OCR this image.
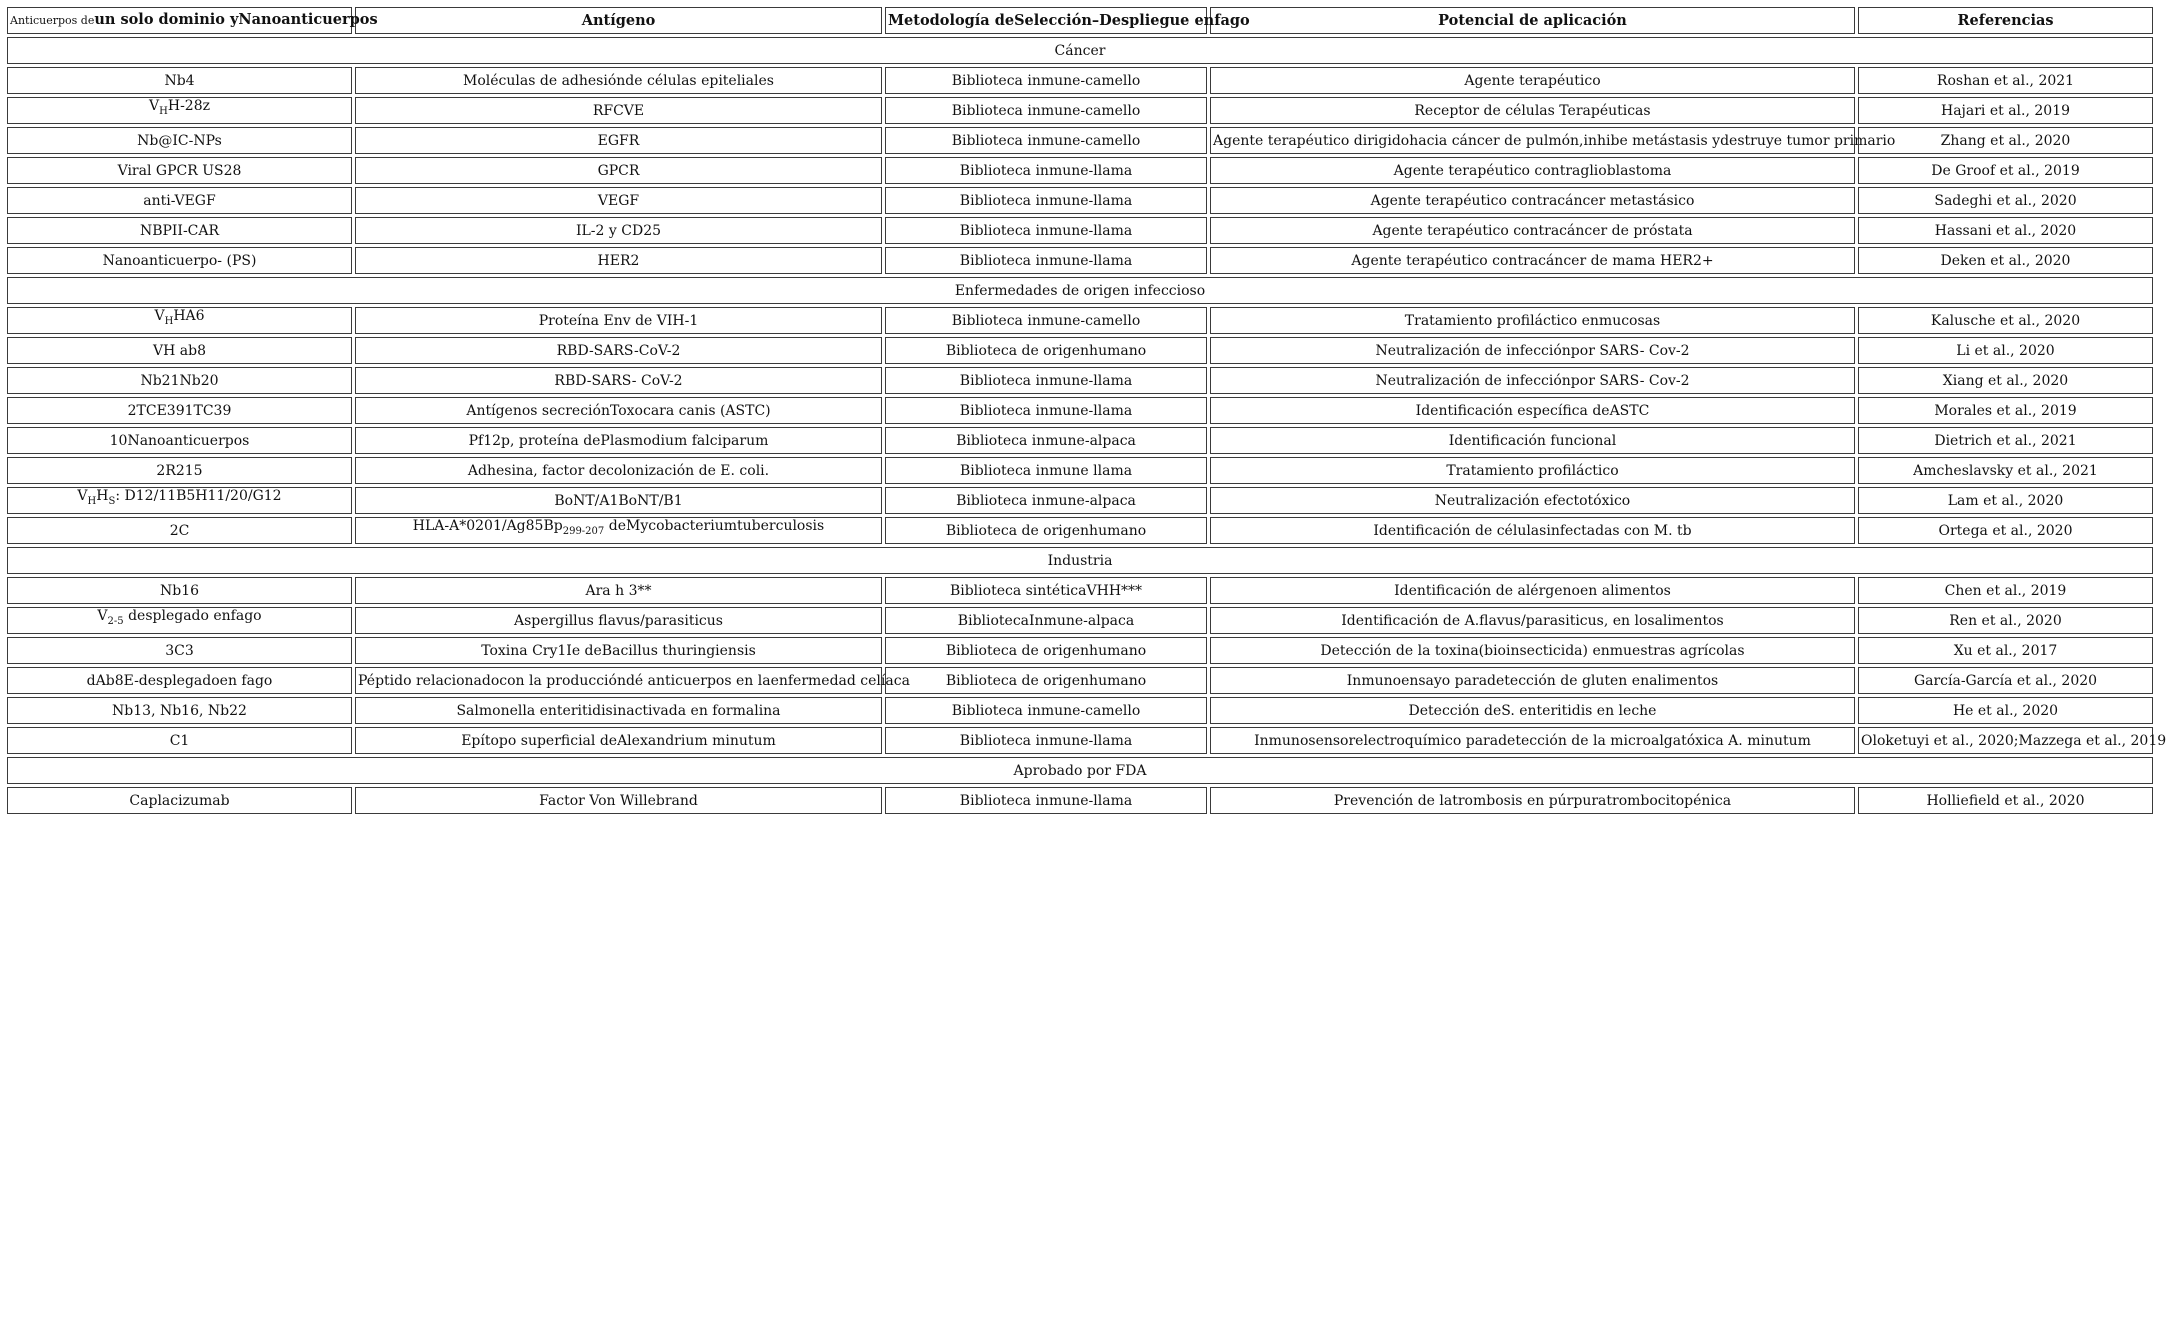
Anticuerpos deun solo dominio yNanoanticuerpos	Antígeno	Metodología deSelección–Despliegue enfago	Potencial de aplicación	Referencias
Cáncer				
Nb4	Moléculas de adhesiónde células epiteliales	Biblioteca inmune-camello	Agente terapéutico	Roshan et al., 2021
$V_HH-28z$	RFCVE	Biblioteca inmune-camello	Receptor de células Terapéuticas	Hajari et al., 2019
Nb@IC-NPs	EGFR	Biblioteca inmune-camello	Agente terapéutico dirigidohacia cáncer de pulmón,inhibe metástasis ydestruye tumor primario	Zhang et al., 2020
Viral GPCR US28	GPCR	Biblioteca inmune-llama	Agente terapéutico contraglioblastoma	De Groof et al., 2019
anti-VEGF	VEGF	Biblioteca inmune-llama	Agente terapéutico contracáncer metastásico	Sadeghi et al., 2020
NBPII-CAR	IL-2 y CD25	Biblioteca inmune-llama	Agente terapéutico contracáncer de próstata	Hassani et al., 2020
Nanoanticuerpo- (PS)	HER2	Biblioteca inmune-llama	Agente terapéutico contracáncer de mama HER2+	Deken et al., 2020
Enfermedades de origen infeccioso				
$V_HHA6$	Proteína Env de VIH-1	Biblioteca inmune-camello	Tratamiento profiláctico enmucosas	Kalusche et al., 2020
VH ab8	RBD-SARS-CoV-2	Biblioteca de origenhumano	Neutralización de infecciónpor SARS- Cov-2	Li et al., 2020
Nb21Nb20	RBD-SARS- CoV-2	Biblioteca inmune-llama	Neutralización de infecciónpor SARS- Cov-2	Xiang et al., 2020
2TCE391TC39	Antígenos secreciónToxocara canis (ASTC)	Biblioteca inmune-llama	Identificación específica deASTC	Morales et al., 2019
10Nanoanticuerpos	Pf12p, proteína dePlasmodium falciparum	Biblioteca inmune-alpaca	Identificación funcional	Dietrich et al., 2021
2R215	Adhesina, factor decolonización de E. coli.	Biblioteca inmune llama	Tratamiento profiláctico	Amcheslavsky et al., 2021
$V_HH_S$: D12/11B5H11/20/G12	BoNT/A1BoNT/B1	Biblioteca inmune-alpaca	Neutralización efectotóxico	Lam et al., 2020
2C	HLA-$A*0201/Ag85Bp_{299-207}$ deMycobacteriumtuberculosis	Biblioteca de origenhumano	Identificación de célulasinfectadas con M. tb	Ortega et al., 2020
Industria				
Nb16	Ara h 3**	Biblioteca sintéticaVHH***	Identificación de alérgenoen alimentos	Chen et al., 2019
$V_{2-5}$ desplegado enfago	Aspergillus flavus/parasiticus	BibliotecaInmune-alpaca	Identificación de A.flavus/parasiticus, en losalimentos	Ren et al., 2020
3C3	Toxina Cry1Ie deBacillus thuringiensis	Biblioteca de origenhumano	Detección de la toxina(bioinsecticida) enmuestras agrícolas	Xu et al., 2017
dAb8E-desplegadoen fago	Péptido relacionadocon la produccióndé anticuerpos en laenfermedad celíaca	Biblioteca de origenhumano	Inmunoensayo paradetección de gluten enalimentos	García-García et al., 2020
Nb13, Nb16, Nb22	Salmonella enteritidisinactivada en formalina	Biblioteca inmune-camello	Detección deS. enteritidis en leche	He et al., 2020
C1	Epítopo superficial deAlexandrium minutum	Biblioteca inmune-llama	Inmunosensorelectroquímico paradetección de la microalgatóxica A. minutum	Oloketuyi et al., 2020;Mazzega et al., 2019
Aprobado por FDA				
Caplacizumab	Factor Von Willebrand	Biblioteca inmune-llama	Prevención de latrombosis en púrpuratrombocitopénica	Holliefield et al., 2020
